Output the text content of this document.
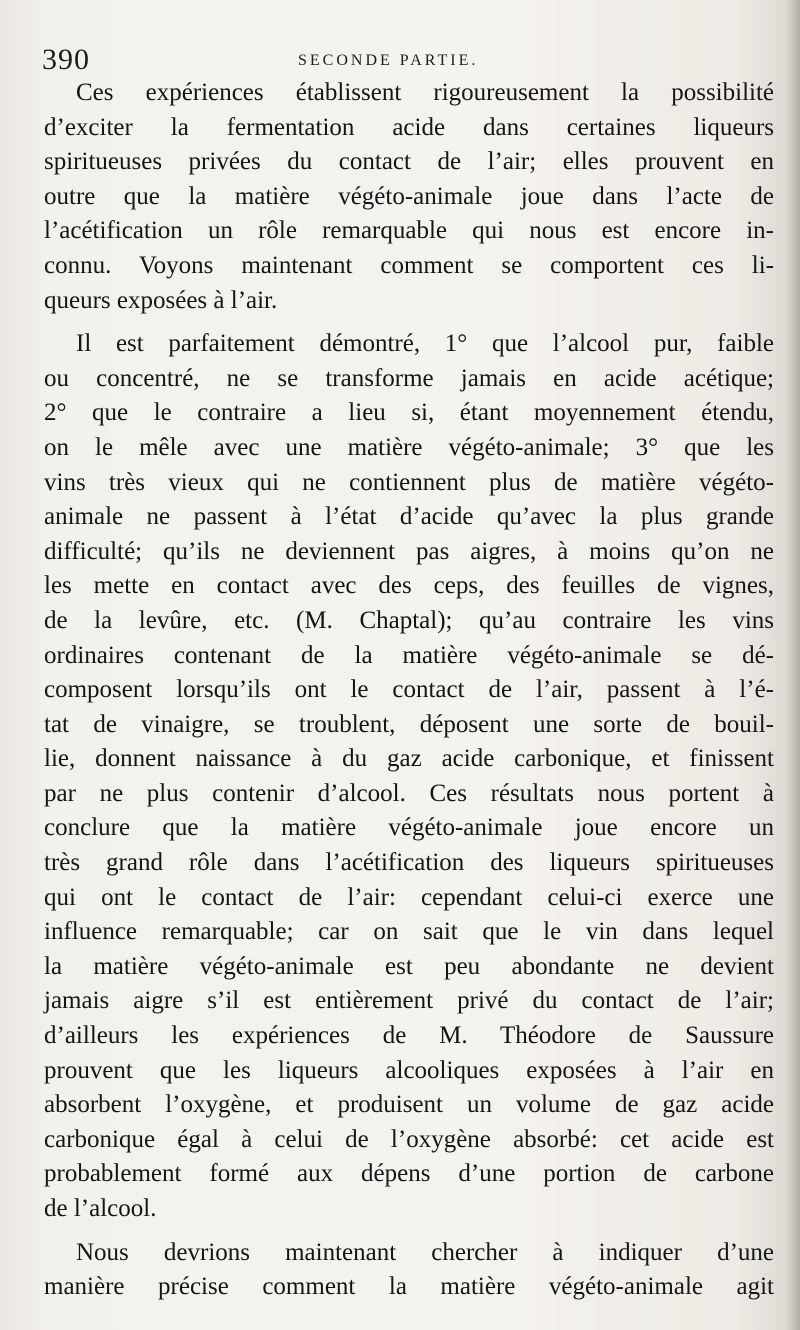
390	SECONDE PARTIE.
Ces expériences établissent rigoureusement la possibilité
d’exciter la fermentation acide dans certaines liqueurs
spiritueuses privées du contact de l’air; elles prouvent en
outre que la matière végéto-animale joue dans l’acte de
l’acétification un rôle remarquable qui nous est encore in-
connu. Voyons maintenant comment se comportent ces li-
queurs exposées à l’air.
Il est parfaitement démontré, 1° que l’alcool pur, faible
ou concentré, ne se transforme jamais en acide acétique;
2° que le contraire a lieu si, étant moyennement étendu,
on le mêle avec une matière végéto-animale; 3° que les
vins très vieux qui ne contiennent plus de matière végéto-
animale ne passent à l’état d’acide qu’avec la plus grande
difficulté; qu’ils ne deviennent pas aigres, à moins qu’on ne
les mette en contact avec des ceps, des feuilles de vignes,
de la levûre, etc. (M. Chaptal); qu’au contraire les vins
ordinaires contenant de la matière végéto-animale se dé-
composent lorsqu’ils ont le contact de l’air, passent à l’é-
tat de vinaigre, se troublent, déposent une sorte de bouil-
lie, donnent naissance à du gaz acide carbonique, et finissent
par ne plus contenir d’alcool. Ces résultats nous portent à
conclure que la matière végéto-animale joue encore un
très grand rôle dans l’acétification des liqueurs spiritueuses
qui ont le contact de l’air: cependant celui-ci exerce une
influence remarquable; car on sait que le vin dans lequel
la matière végéto-animale est peu abondante ne devient
jamais aigre s’il est entièrement privé du contact de l’air;
d’ailleurs les expériences de M. Théodore de Saussure
prouvent que les liqueurs alcooliques exposées à l’air en
absorbent l’oxygène, et produisent un volume de gaz acide
carbonique égal à celui de l’oxygène absorbé: cet acide est
probablement formé aux dépens d’une portion de carbone
de l’alcool.
Nous devrions maintenant chercher à indiquer d’une
manière précise comment la matière végéto-animale agit
